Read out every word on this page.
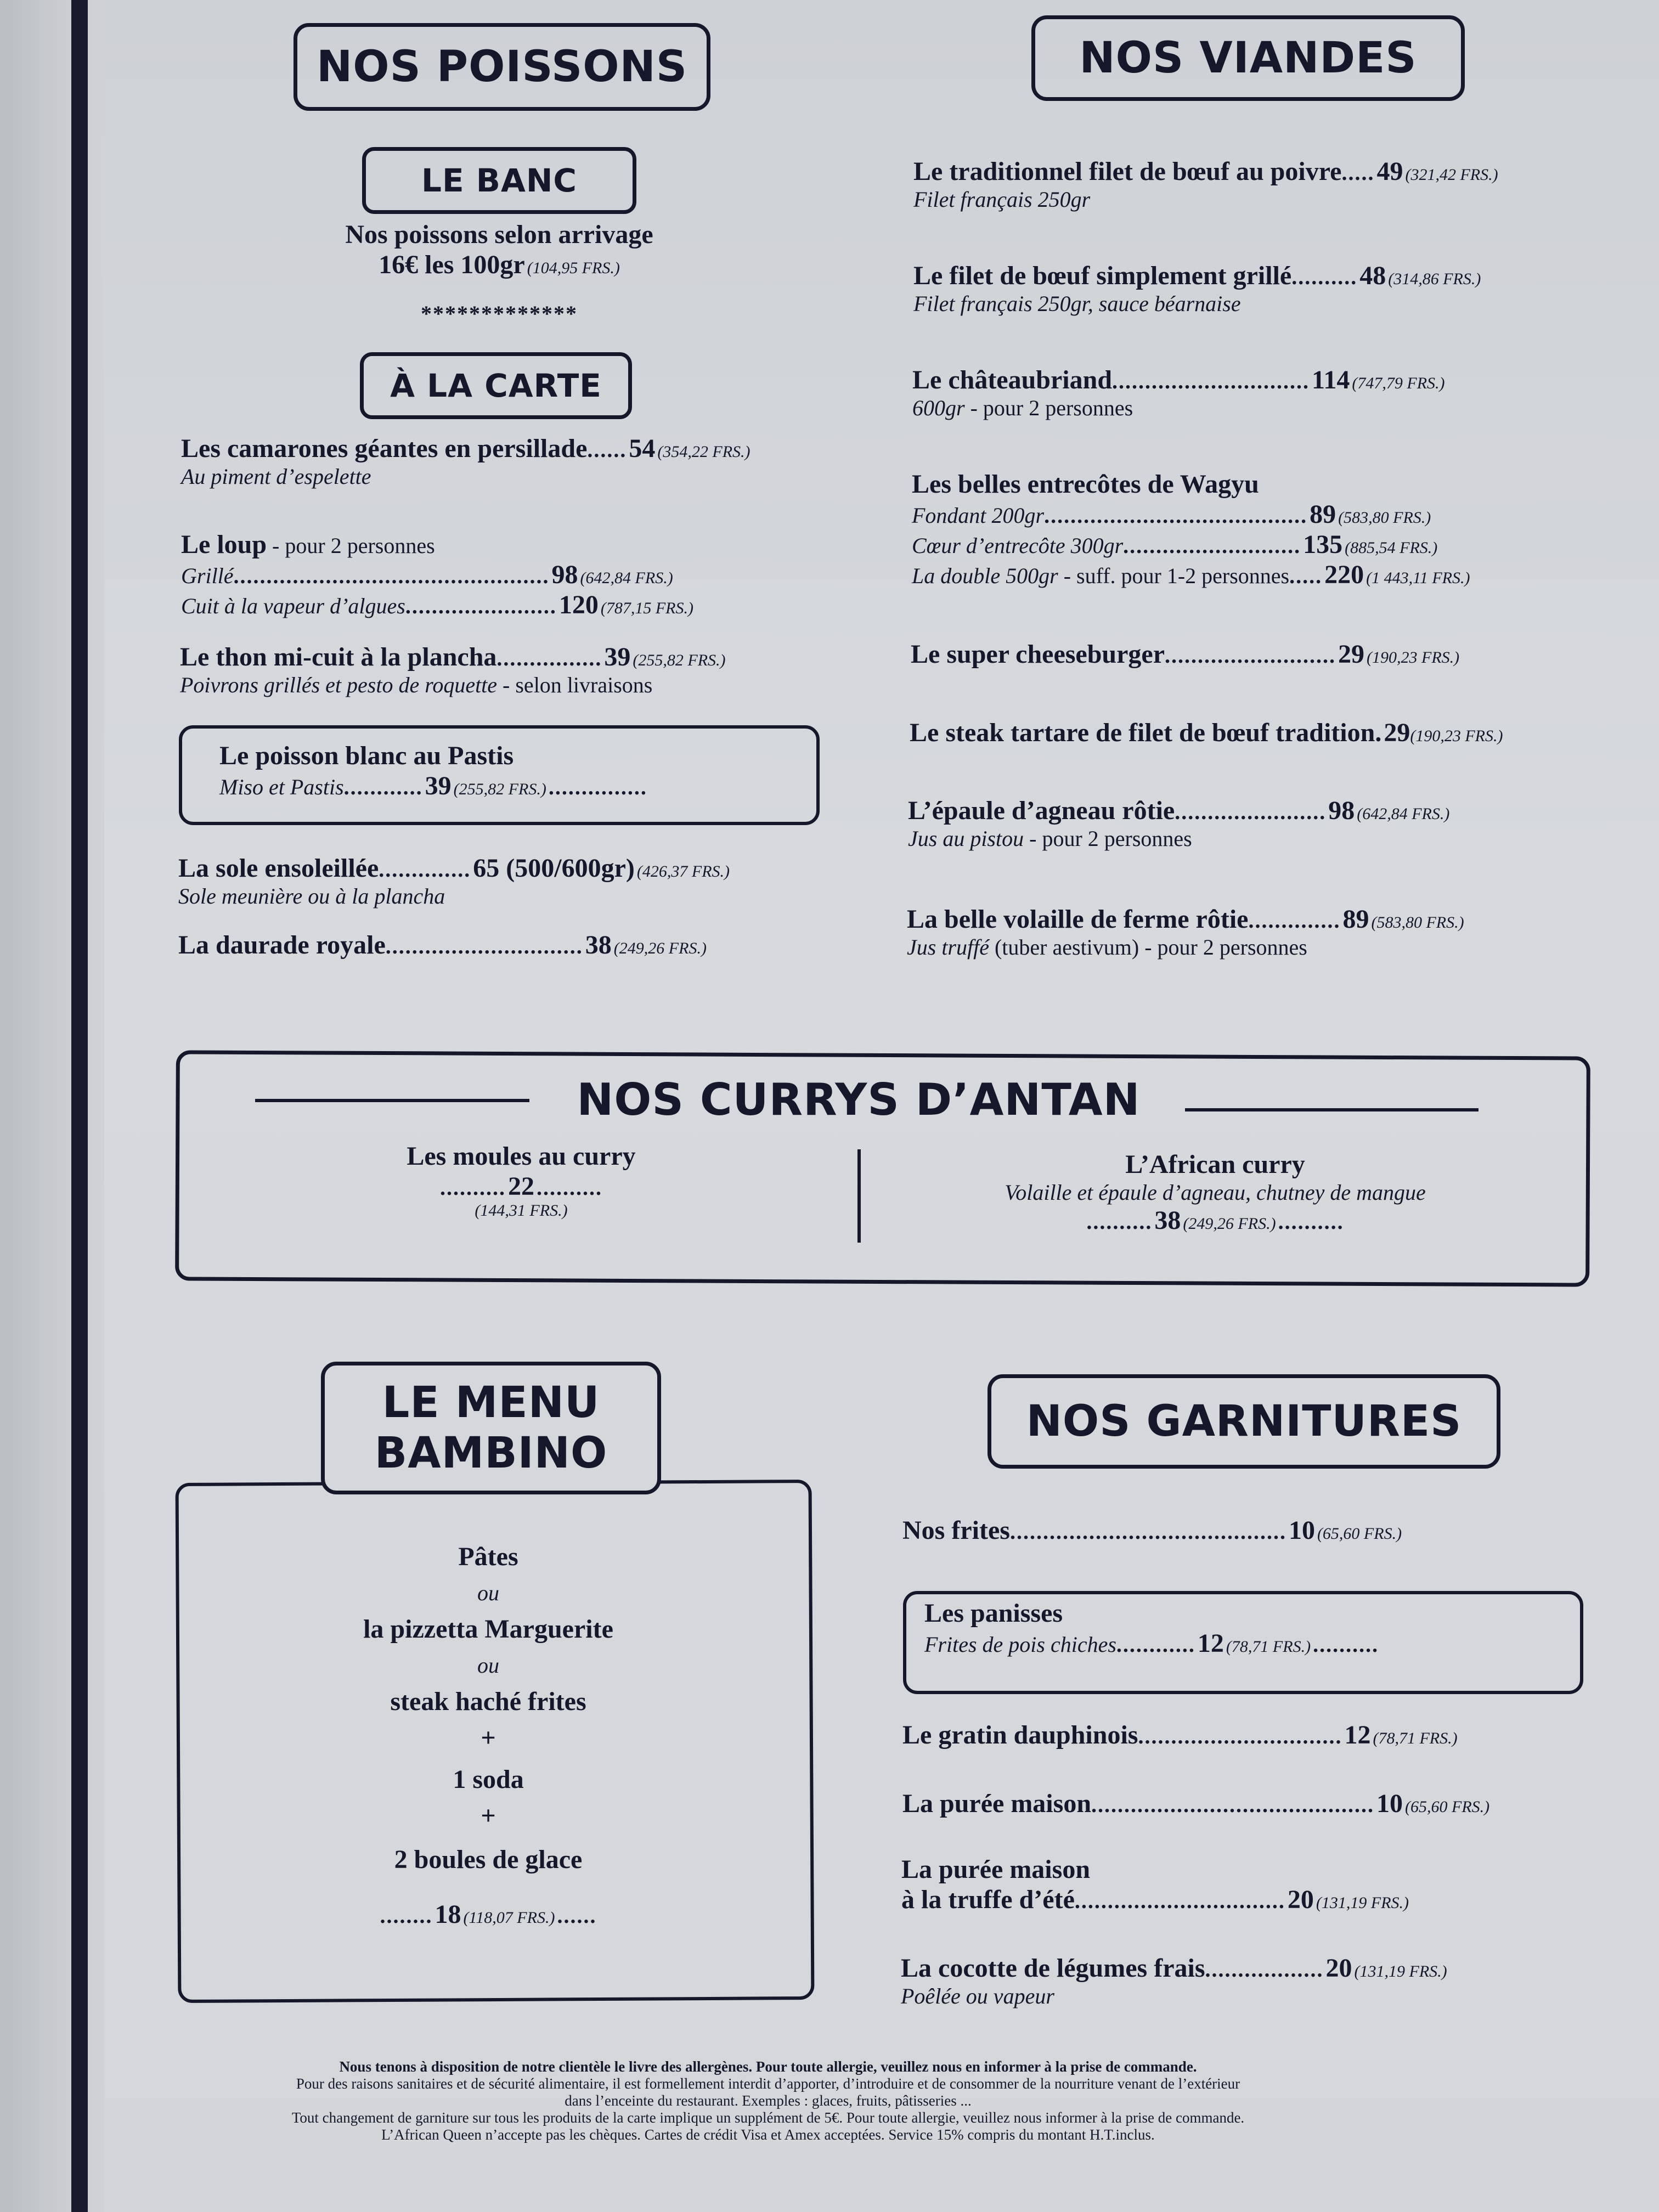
NOS POISSONS
LE BANC
Nos poissons selon arrivage
16€ les 100gr (104,95 FRS.)
*************
À LA CARTE
Les camarones géantes en persillade...... 54 (354,22 FRS.)
Au piment d’espelette
Le loup - pour 2 personnes
Grillé................................................ 98 (642,84 FRS.)
Cuit à la vapeur d’algues....................... 120 (787,15 FRS.)
Le thon mi-cuit à la plancha................ 39 (255,82 FRS.)
Poivrons grillés et pesto de roquette - selon livraisons
Le poisson blanc au Pastis
Miso et Pastis............ 39 (255,82 FRS.) ...............
La sole ensoleillée.............. 65 (500/600gr) (426,37 FRS.)
Sole meunière ou à la plancha
La daurade royale.............................. 38 (249,26 FRS.)
NOS VIANDES
Le traditionnel filet de bœuf au poivre..... 49 (321,42 FRS.)
Filet français 250gr
Le filet de bœuf simplement grillé.......... 48 (314,86 FRS.)
Filet français 250gr, sauce béarnaise
Le châteaubriand.............................. 114 (747,79 FRS.)
600gr - pour 2 personnes
Les belles entrecôtes de Wagyu
Fondant 200gr........................................ 89 (583,80 FRS.)
Cœur d’entrecôte 300gr........................... 135 (885,54 FRS.)
La double 500gr - suff. pour 1-2 personnes..... 220 (1 443,11 FRS.)
Le super cheeseburger.......................... 29 (190,23 FRS.)
Le steak tartare de filet de bœuf tradition. 29(190,23 FRS.)
L’épaule d’agneau rôtie....................... 98 (642,84 FRS.)
Jus au pistou - pour 2 personnes
La belle volaille de ferme rôtie.............. 89 (583,80 FRS.)
Jus truffé (tuber aestivum) - pour 2 personnes
NOS CURRYS D’ANTAN
Les moules au curry
.......... 22 ..........
(144,31 FRS.)
L’African curry
Volaille et épaule d’agneau, chutney de mangue
.......... 38 (249,26 FRS.) ..........
LE MENU
BAMBINO
Pâtes
ou
la pizzetta Marguerite
ou
steak haché frites
+
1 soda
+
2 boules de glace
........ 18 (118,07 FRS.) ......
NOS GARNITURES
Nos frites.......................................... 10 (65,60 FRS.)
Les panisses
Frites de pois chiches............ 12 (78,71 FRS.) ..........
Le gratin dauphinois............................... 12 (78,71 FRS.)
La purée maison........................................... 10 (65,60 FRS.)
La purée maison
à la truffe d’été................................ 20 (131,19 FRS.)
La cocotte de légumes frais.................. 20 (131,19 FRS.)
Poêlée ou vapeur
Nous tenons à disposition de notre clientèle le livre des allergènes. Pour toute allergie, veuillez nous en informer à la prise de commande.
Pour des raisons sanitaires et de sécurité alimentaire, il est formellement interdit d’apporter, d’introduire et de consommer de la nourriture venant de l’extérieur
dans l’enceinte du restaurant. Exemples : glaces, fruits, pâtisseries ...
Tout changement de garniture sur tous les produits de la carte implique un supplément de 5€. Pour toute allergie, veuillez nous informer à la prise de commande.
L’African Queen n’accepte pas les chèques. Cartes de crédit Visa et Amex acceptées. Service 15% compris du montant H.T.inclus.
